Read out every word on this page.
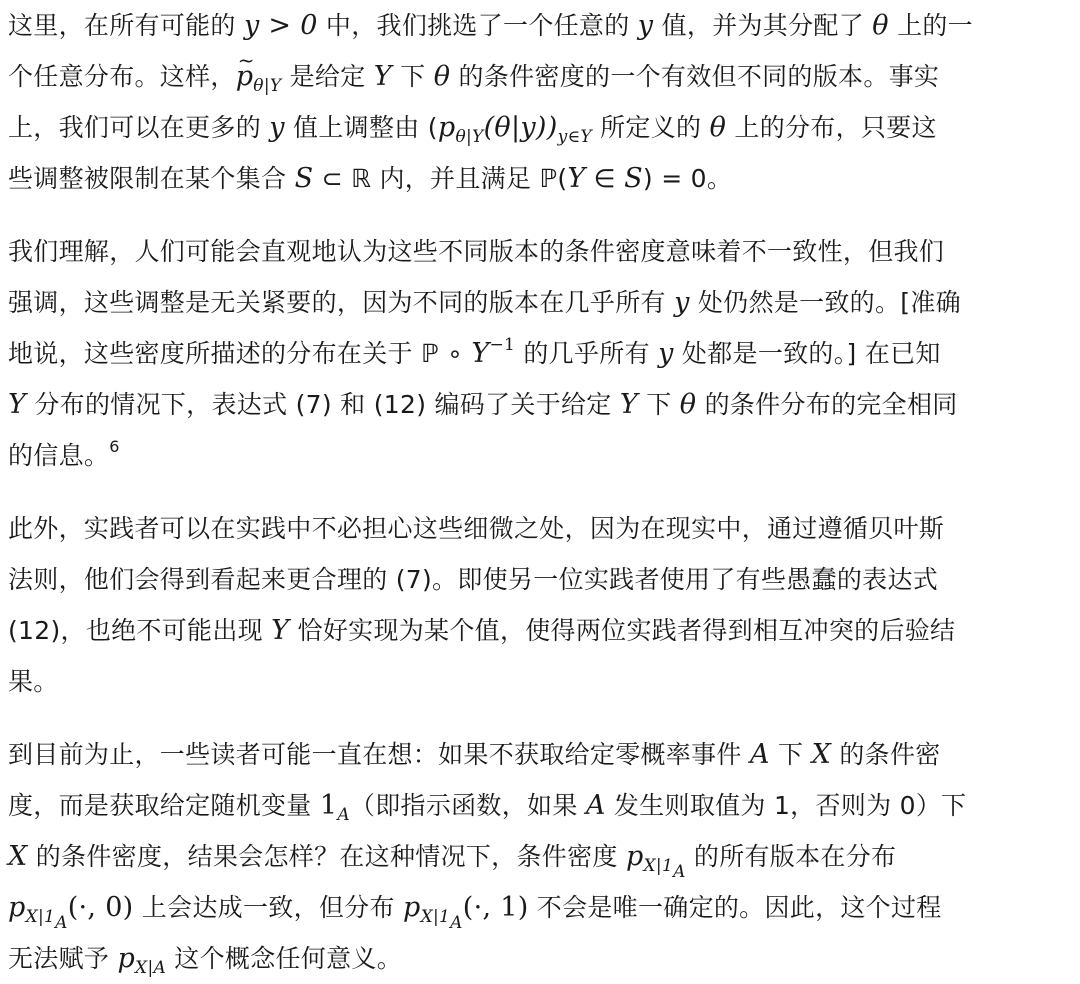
这里，在所有可能的 y > 0 中，我们挑选了一个任意的 y 值，并为其分配了 θ 上的一
个任意分布。这样，~ $p_{\theta|Y}$ 是给定 Y 下 θ 的条件密度的一个有效但不同的版本。事实
上，我们可以在更多的 y 值上调整由 $(p_{\theta|Y}(\theta|y))_{y\in Y}$ 所定义的 θ 上的分布，只要这
些调整被限制在某个集合 S ⊂ ℝ 内，并且满足 ℙ(Y ∈ S) = 0。
我们理解，人们可能会直观地认为这些不同版本的条件密度意味着不一致性，但我们
强调，这些调整是无关紧要的，因为不同的版本在几乎所有 y 处仍然是一致的。[准确
地说，这些密度所描述的分布在关于 ℙ ∘ $Y^{-1}$ 的几乎所有 y 处都是一致的。] 在已知
Y 分布的情况下，表达式 (7) 和 (12) 编码了关于给定 Y 下 θ 的条件分布的完全相同
的信息。$^6$
此外，实践者可以在实践中不必担心这些细微之处，因为在现实中，通过遵循贝叶斯
法则，他们会得到看起来更合理的 (7)。即使另一位实践者使用了有些愚蠢的表达式
(12)，也绝不可能出现 Y 恰好实现为某个值，使得两位实践者得到相互冲突的后验结
果。
到目前为止，一些读者可能一直在想：如果不获取给定零概率事件 A 下 X 的条件密
度，而是获取给定随机变量 $1_A$（即指示函数，如果 A 发生则取值为 1，否则为 0）下
X 的条件密度，结果会怎样？在这种情况下，条件密度 $p_{X|1_A}$ 的所有版本在分布
$p_{X|1_A}(\cdot$, 0) 上会达成一致，但分布 $p_{X|1_A}(\cdot$, 1) 不会是唯一确定的。因此，这个过程
无法赋予 $p_{X|A}$ 这个概念任何意义。
